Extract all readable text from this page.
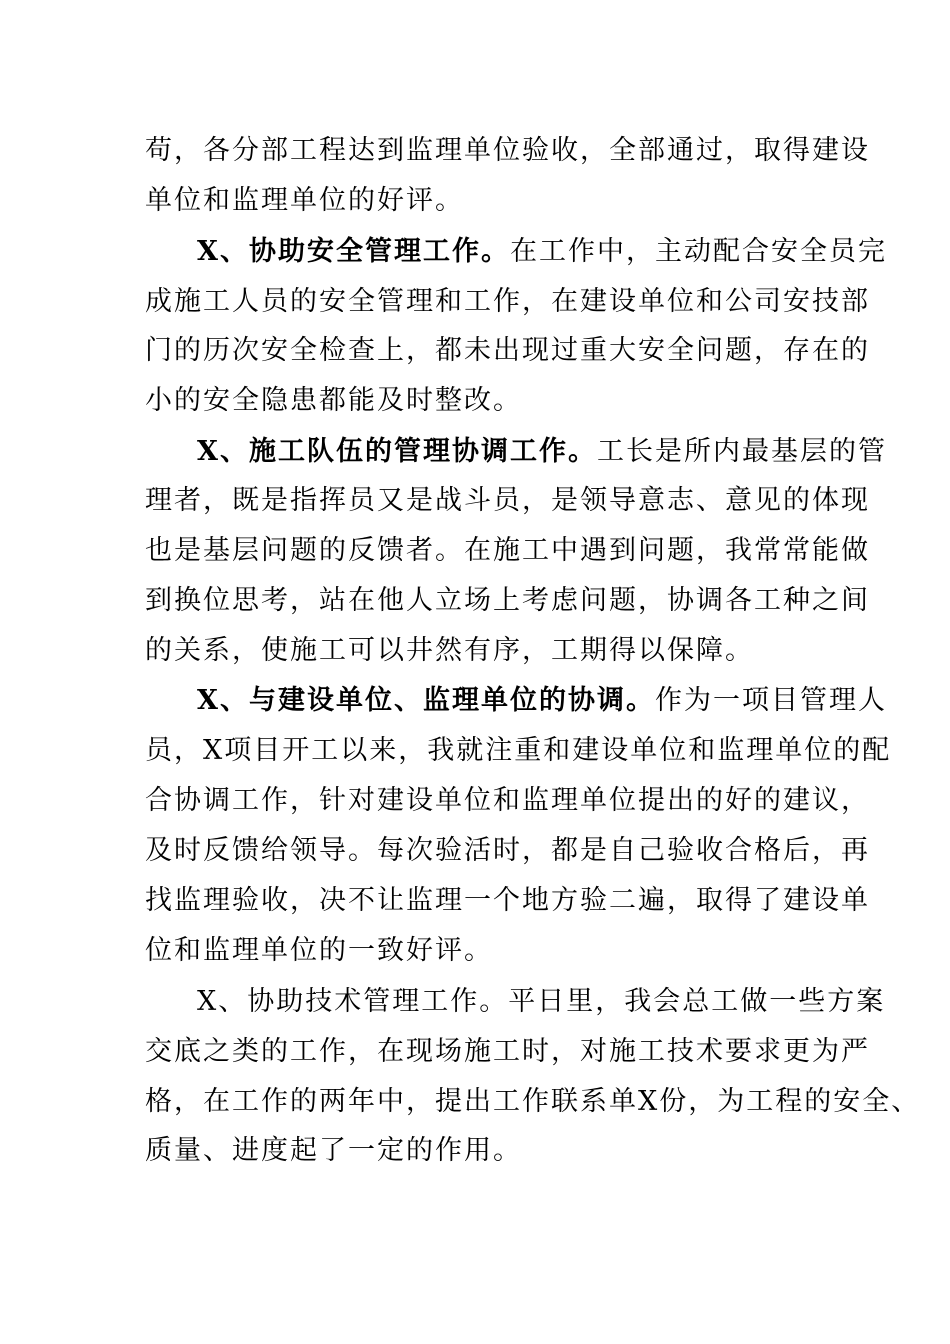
苟，各分部工程达到监理单位验收，全部通过，取得建设
单位和监理单位的好评。
X、协助安全管理工作。在工作中，主动配合安全员完
成施工人员的安全管理和工作，在建设单位和公司安技部
门的历次安全检查上，都未出现过重大安全问题，存在的
小的安全隐患都能及时整改。
X、施工队伍的管理协调工作。工长是所内最基层的管
理者，既是指挥员又是战斗员，是领导意志、意见的体现
也是基层问题的反馈者。在施工中遇到问题，我常常能做
到换位思考，站在他人立场上考虑问题，协调各工种之间
的关系，使施工可以井然有序，工期得以保障。
X、与建设单位、监理单位的协调。作为一项目管理人
员，X项目开工以来，我就注重和建设单位和监理单位的配
合协调工作，针对建设单位和监理单位提出的好的建议，
及时反馈给领导。每次验活时，都是自己验收合格后，再
找监理验收，决不让监理一个地方验二遍，取得了建设单
位和监理单位的一致好评。
X、协助技术管理工作。平日里，我会总工做一些方案
交底之类的工作，在现场施工时，对施工技术要求更为严
格，在工作的两年中，提出工作联系单X份，为工程的安全、
质量、进度起了一定的作用。
